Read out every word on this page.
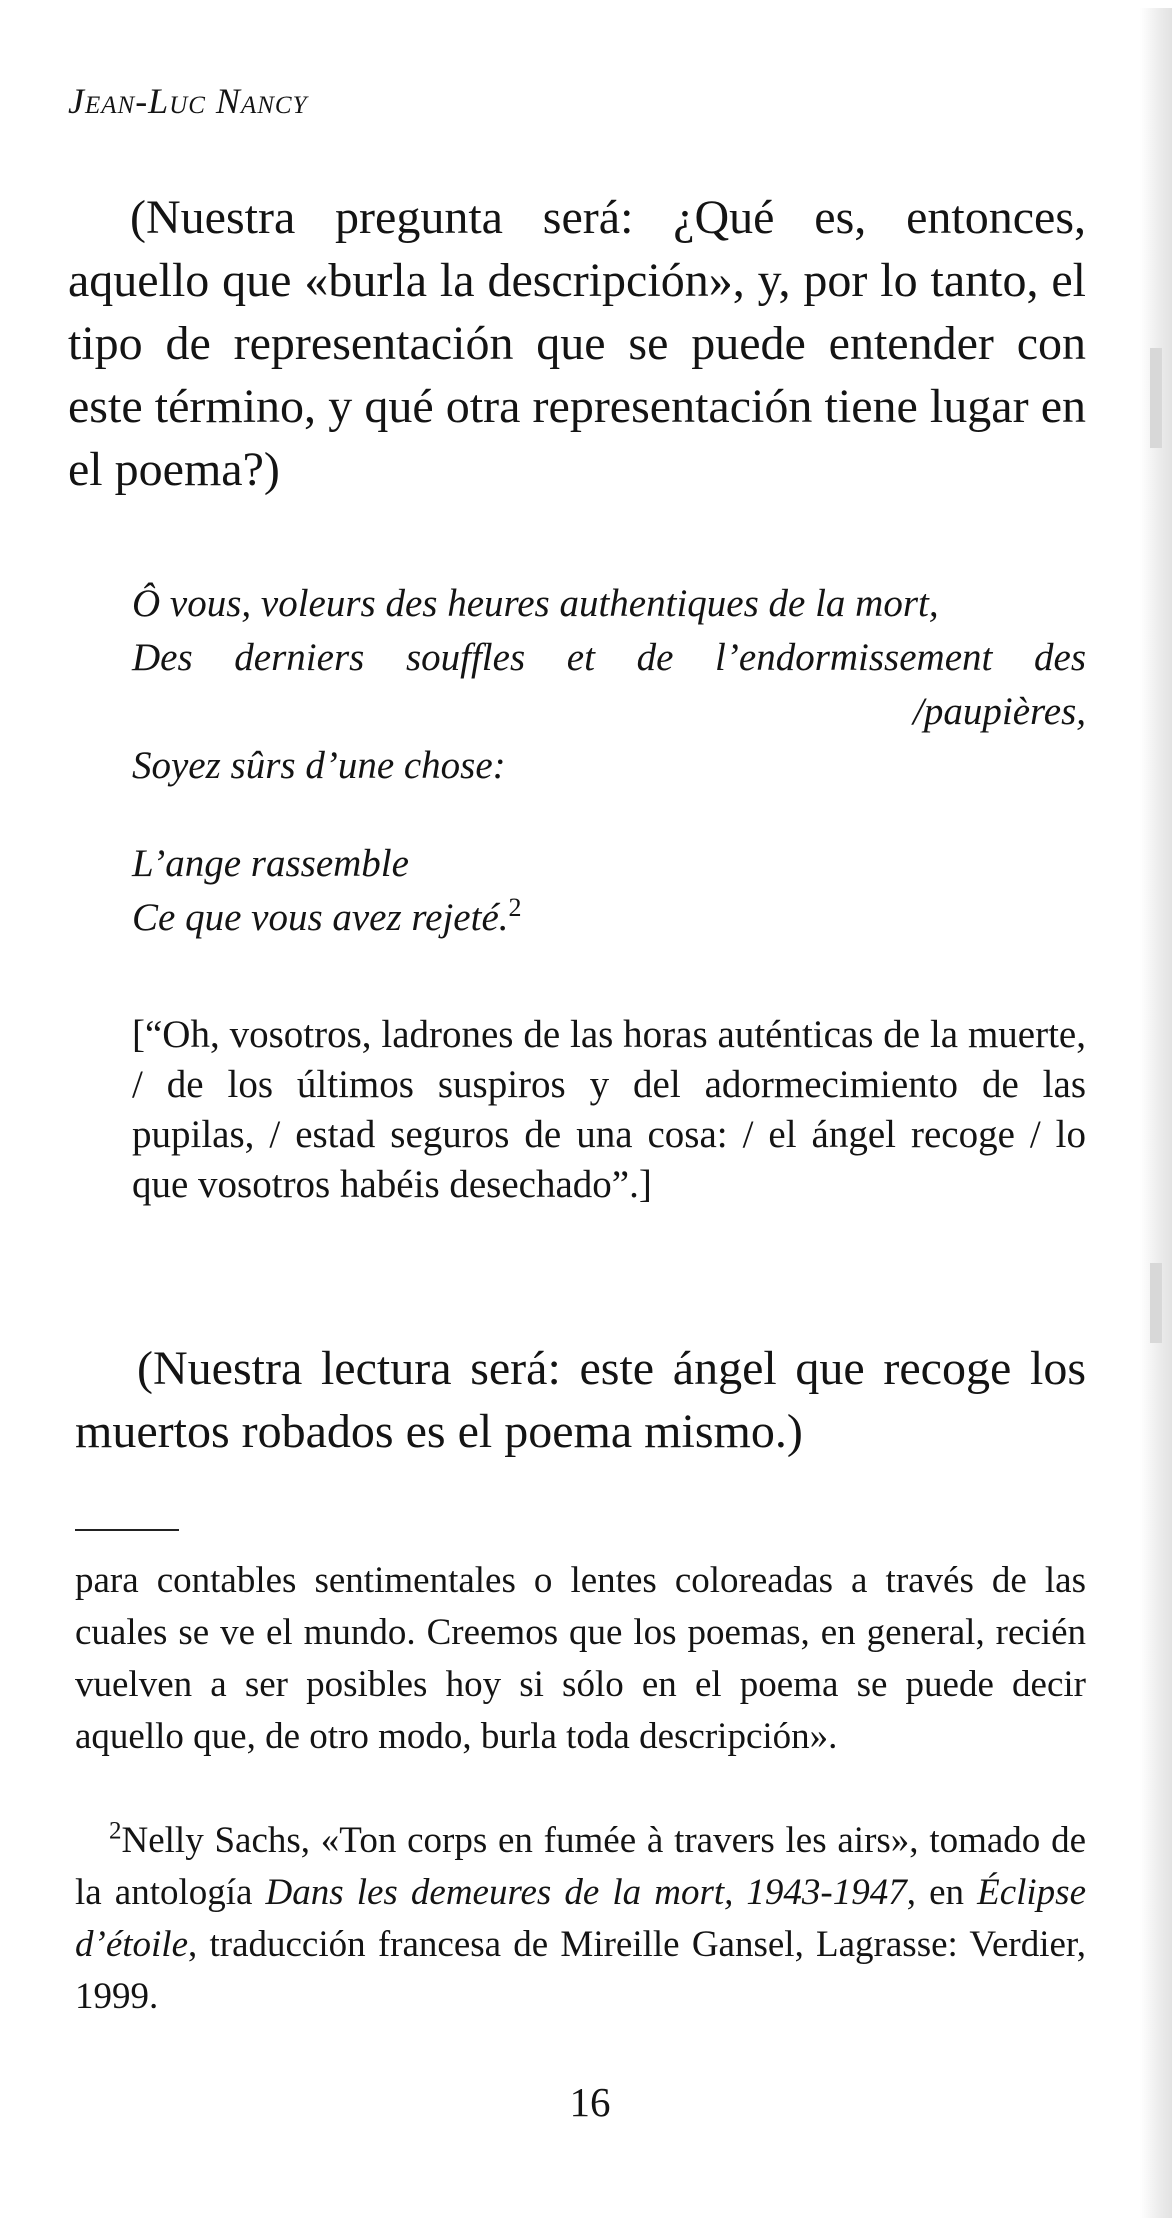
Jean-Luc Nancy

(Nuestra pregunta será: ¿Qué es, entonces, aquello que «burla la descripción», y, por lo tanto, el tipo de representación que se puede entender con este término, y qué otra representación tiene lugar en el poema?)

Ô vous, voleurs des heures authentiques de la mort,
Des derniers souffles et de l’endormissement des
/paupières,
Soyez sûrs d’une chose:
L’ange rassemble
Ce que vous avez rejeté.$^2$

[“Oh, vosotros, ladrones de las horas auténticas de la muerte, / de los últimos suspiros y del adormecimiento de las pupilas, / estad seguros de una cosa: / el ángel recoge / lo que vosotros habéis desechado”.]

(Nuestra lectura será: este ángel que recoge los muertos robados es el poema mismo.)

para contables sentimentales o lentes coloreadas a través de las cuales se ve el mundo. Creemos que los poemas, en general, recién vuelven a ser posibles hoy si sólo en el poema se puede decir aquello que, de otro modo, burla toda descripción».

$^2$Nelly Sachs, «Ton corps en fumée à travers les airs», tomado de la antología Dans les demeures de la mort, 1943-1947, en Éclipse d’étoile, traducción francesa de Mireille Gansel, Lagrasse: Verdier, 1999.

16
